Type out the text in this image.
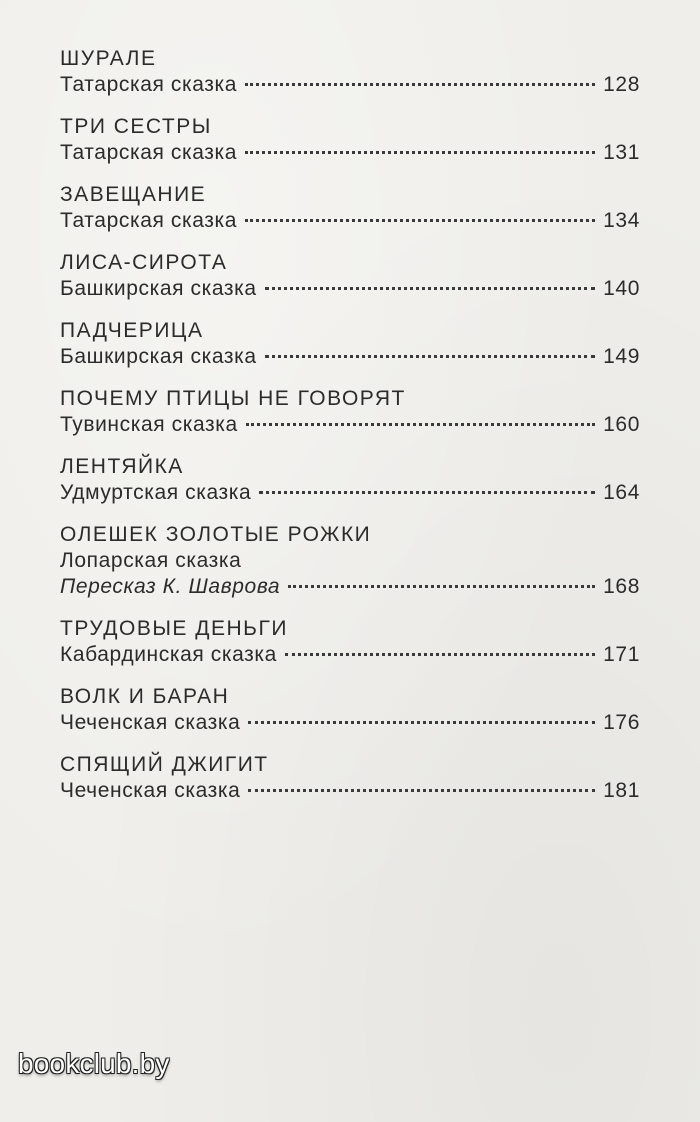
ШУРАЛЕ
Татарская сказка	128
ТРИ СЕСТРЫ
Татарская сказка	131
ЗАВЕЩАНИЕ
Татарская сказка	134
ЛИСА-СИРОТА
Башкирская сказка	140
ПАДЧЕРИЦА
Башкирская сказка	149
ПОЧЕМУ ПТИЦЫ НЕ ГОВОРЯТ
Тувинская сказка	160
ЛЕНТЯЙКА
Удмуртская сказка	164
ОЛЕШЕК ЗОЛОТЫЕ РОЖКИ
Лопарская сказка
Пересказ К. Шаврова	168
ТРУДОВЫЕ ДЕНЬГИ
Кабардинская сказка	171
ВОЛК И БАРАН
Чеченская сказка	176
СПЯЩИЙ ДЖИГИТ
Чеченская сказка	181
bookclub.by
